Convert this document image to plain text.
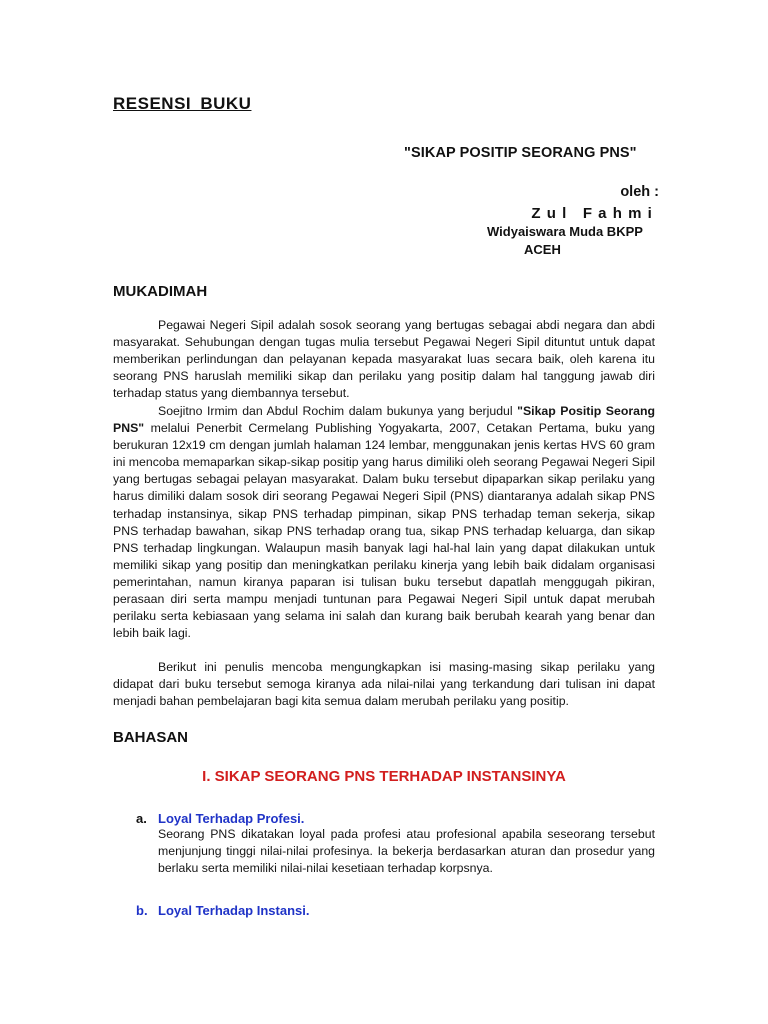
RESENSI BUKU

"SIKAP POSITIP SEORANG PNS"

oleh :

Zul Fahmi

Widyaiswara Muda BKPP

ACEH

MUKADIMAH

Pegawai Negeri Sipil adalah sosok seorang yang bertugas sebagai abdi negara dan abdi masyarakat. Sehubungan dengan tugas mulia tersebut Pegawai Negeri Sipil dituntut untuk dapat memberikan perlindungan dan pelayanan kepada masyarakat luas secara baik, oleh karena itu seorang PNS haruslah memiliki sikap dan perilaku yang positip dalam hal tanggung jawab diri terhadap status yang diembannya tersebut.

Soejitno Irmim dan Abdul Rochim dalam bukunya yang berjudul "Sikap Positip Seorang PNS" melalui Penerbit Cermelang Publishing Yogyakarta, 2007, Cetakan Pertama, buku yang berukuran 12x19 cm dengan jumlah halaman 124 lembar, menggunakan jenis kertas HVS 60 gram ini mencoba memaparkan sikap-sikap positip yang harus dimiliki oleh seorang Pegawai Negeri Sipil yang bertugas sebagai pelayan masyarakat. Dalam buku tersebut dipaparkan sikap perilaku yang harus dimiliki dalam sosok diri seorang Pegawai Negeri Sipil (PNS) diantaranya adalah sikap PNS terhadap instansinya, sikap PNS terhadap pimpinan, sikap PNS terhadap teman sekerja, sikap PNS terhadap bawahan, sikap PNS terhadap orang tua, sikap PNS terhadap keluarga, dan sikap PNS terhadap lingkungan. Walaupun masih banyak lagi hal-hal lain yang dapat dilakukan untuk memiliki sikap yang positip dan meningkatkan perilaku kinerja yang lebih baik didalam organisasi pemerintahan, namun kiranya paparan isi tulisan buku tersebut dapatlah menggugah pikiran, perasaan diri serta mampu menjadi tuntunan para Pegawai Negeri Sipil untuk dapat merubah perilaku serta kebiasaan yang selama ini salah dan kurang baik berubah kearah yang benar dan lebih baik lagi.

Berikut ini penulis mencoba mengungkapkan isi masing-masing sikap perilaku yang didapat dari buku tersebut semoga kiranya ada nilai-nilai yang terkandung dari tulisan ini dapat menjadi bahan pembelajaran bagi kita semua dalam merubah perilaku yang positip.

BAHASAN

I. SIKAP SEORANG PNS TERHADAP INSTANSINYA

a. Loyal Terhadap Profesi.

Seorang PNS dikatakan loyal pada profesi atau profesional apabila seseorang tersebut menjunjung tinggi nilai-nilai profesinya. Ia bekerja berdasarkan aturan dan prosedur yang berlaku serta memiliki nilai-nilai kesetiaan terhadap korpsnya.

b. Loyal Terhadap Instansi.
